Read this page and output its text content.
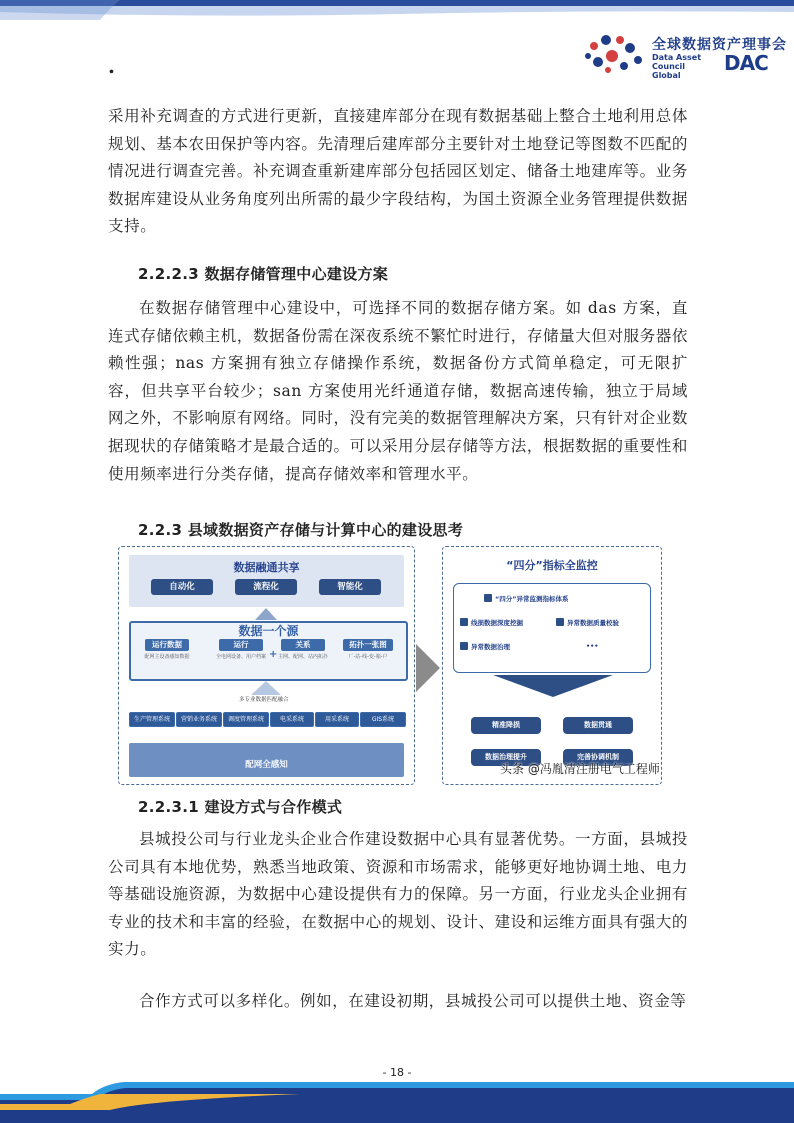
.
全球数据资产理事会
Data Asset Council Global
DAC

采用补充调查的方式进行更新，直接建库部分在现有数据基础上整合土地利用总体规划、基本农田保护等内容。先清理后建库部分主要针对土地登记等图数不匹配的情况进行调查完善。补充调查重新建库部分包括园区划定、储备土地建库等。业务数据库建设从业务角度列出所需的最少字段结构，为国土资源全业务管理提供数据支持。

2.2.2.3 数据存储管理中心建设方案

在数据存储管理中心建设中，可选择不同的数据存储方案。如 das 方案，直连式存储依赖主机，数据备份需在深夜系统不繁忙时进行，存储量大但对服务器依赖性强；nas 方案拥有独立存储操作系统，数据备份方式简单稳定，可无限扩容，但共享平台较少；san 方案使用光纤通道存储，数据高速传输，独立于局域网之外，不影响原有网络。同时，没有完美的数据管理解决方案，只有针对企业数据现状的存储策略才是最合适的。可以采用分层存储等方法，根据数据的重要性和使用频率进行分类存储，提高存储效率和管理水平。

2.2.3 县域数据资产存储与计算中心的建设思考

数据融通共享
自动化	流程化	智能化
数据一个源
运行数据
配网主设备感知数据
运行
全电网设备、用户档案 +
关系
主网、配网、站内拓扑
拓扑一张图
厂-站-线-变-箱-户
多专业数据匹配融合
生产管理系统	营销业务系统	调度管理系统	电采系统	用采系统	GIS系统
配网全感知
“四分”指标全监控
“四分”异常监测指标体系
线损数据深度挖掘	异常数据质量校验
异常数据治理	•••
精准降损	数据贯通
数据治理提升	完善协调机制
头条 @冯胤清注册电气工程师

2.2.3.1 建设方式与合作模式

县城投公司与行业龙头企业合作建设数据中心具有显著优势。一方面，县城投公司具有本地优势，熟悉当地政策、资源和市场需求，能够更好地协调土地、电力等基础设施资源，为数据中心建设提供有力的保障。另一方面，行业龙头企业拥有专业的技术和丰富的经验，在数据中心的规划、设计、建设和运维方面具有强大的实力。

合作方式可以多样化。例如，在建设初期，县城投公司可以提供土地、资金等

- 18 -
